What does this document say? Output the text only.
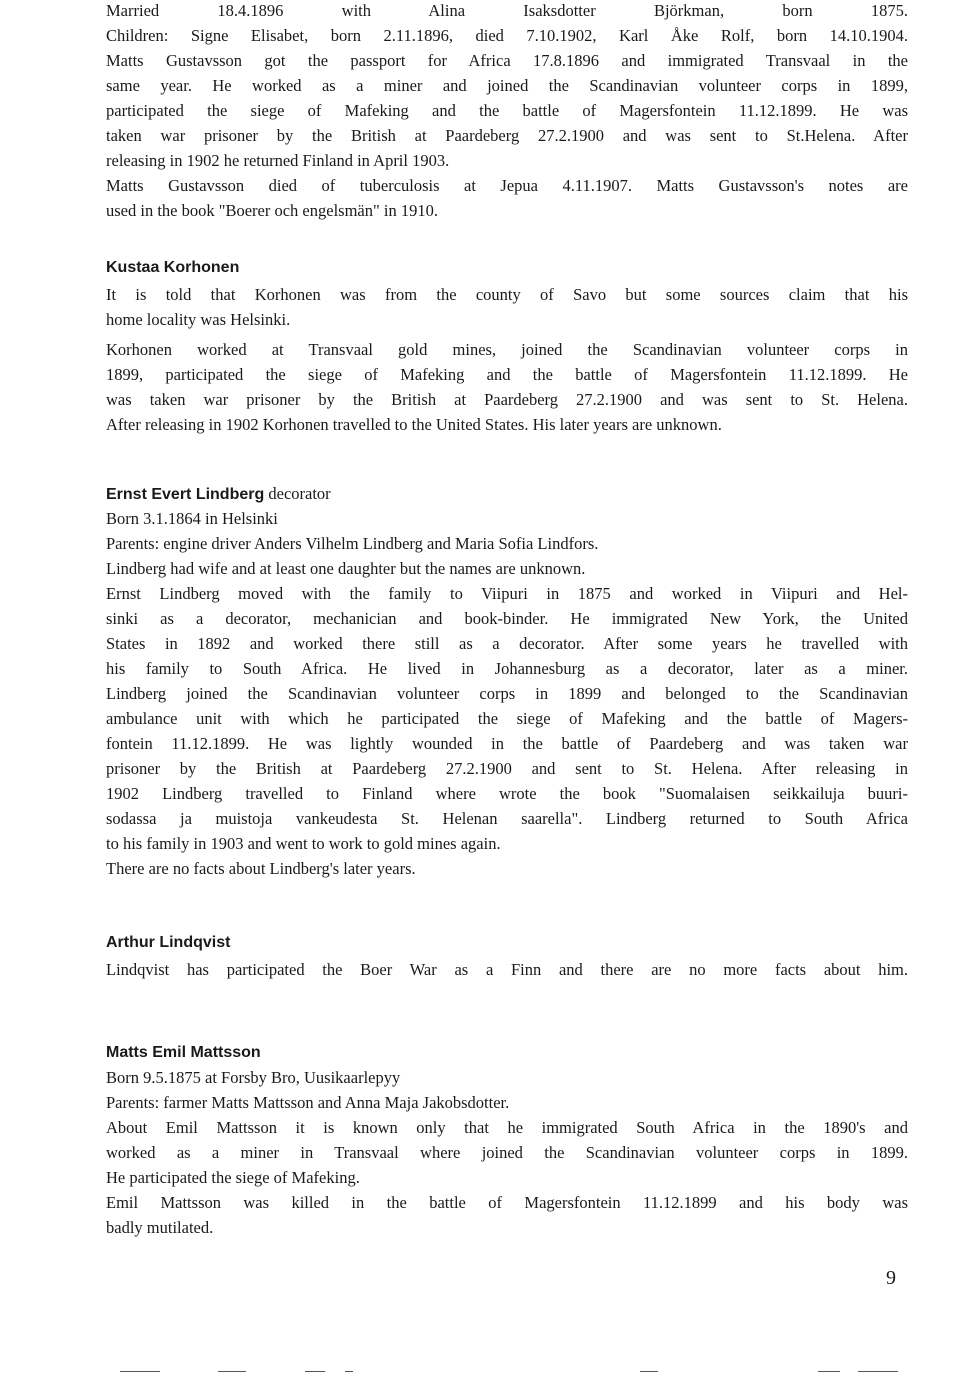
Married 18.4.1896 with Alina Isaksdotter Björkman, born 1875.
Children: Signe Elisabet, born 2.11.1896, died 7.10.1902, Karl Åke Rolf, born 14.10.1904.
Matts Gustavsson got the passport for Africa 17.8.1896 and immigrated Transvaal in the
same year. He worked as a miner and joined the Scandinavian volunteer corps in 1899,
participated the siege of Mafeking and the battle of Magersfontein 11.12.1899. He was
taken war prisoner by the British at Paardeberg 27.2.1900 and was sent to St.Helena. After
releasing in 1902 he returned Finland in April 1903.
Matts Gustavsson died of tuberculosis at Jepua 4.11.1907. Matts Gustavsson's notes are
used in the book "Boerer och engelsmän" in 1910.
Kustaa Korhonen
It is told that Korhonen was from the county of Savo but some sources claim that his
home locality was Helsinki.
Korhonen worked at Transvaal gold mines, joined the Scandinavian volunteer corps in
1899, participated the siege of Mafeking and the battle of Magersfontein 11.12.1899. He
was taken war prisoner by the British at Paardeberg 27.2.1900 and was sent to St. Helena.
After releasing in 1902 Korhonen travelled to the United States. His later years are unknown.
Ernst Evert Lindberg decorator
Born 3.1.1864 in Helsinki
Parents: engine driver Anders Vilhelm Lindberg and Maria Sofia Lindfors.
Lindberg had wife and at least one daughter but the names are unknown.
Ernst Lindberg moved with the family to Viipuri in 1875 and worked in Viipuri and Hel-
sinki as a decorator, mechanician and book-binder. He immigrated New York, the United
States in 1892 and worked there still as a decorator. After some years he travelled with
his family to South Africa. He lived in Johannesburg as a decorator, later as a miner.
Lindberg joined the Scandinavian volunteer corps in 1899 and belonged to the Scandinavian
ambulance unit with which he participated the siege of Mafeking and the battle of Magers-
fontein 11.12.1899. He was lightly wounded in the battle of Paardeberg and was taken war
prisoner by the British at Paardeberg 27.2.1900 and sent to St. Helena. After releasing in
1902 Lindberg travelled to Finland where wrote the book "Suomalaisen seikkailuja buuri-
sodassa ja muistoja vankeudesta St. Helenan saarella". Lindberg returned to South Africa
to his family in 1903 and went to work to gold mines again.
There are no facts about Lindberg's later years.
Arthur Lindqvist
Lindqvist has participated the Boer War as a Finn and there are no more facts about him.
Matts Emil Mattsson
Born 9.5.1875 at Forsby Bro, Uusikaarlepyy
Parents: farmer Matts Mattsson and Anna Maja Jakobsdotter.
About Emil Mattsson it is known only that he immigrated South Africa in the 1890's and
worked as a miner in Transvaal where joined the Scandinavian volunteer corps in 1899.
He participated the siege of Mafeking.
Emil Mattsson was killed in the battle of Magersfontein 11.12.1899 and his body was
badly mutilated.
9
